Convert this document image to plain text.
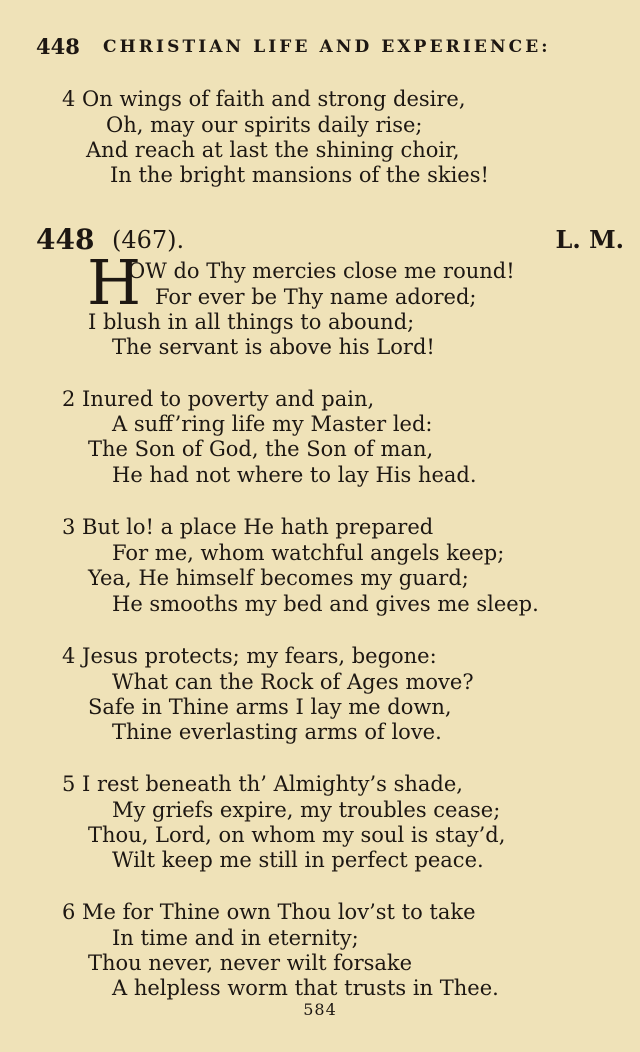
448 CHRISTIAN LIFE AND EXPERIENCE:
4 On wings of faith and strong desire,
Oh, may our spirits daily rise;
And reach at last the shining choir,
In the bright mansions of the skies!
448 (467).	L. M.
H
OW do Thy mercies close me round!
For ever be Thy name adored;
I blush in all things to abound;
The servant is above his Lord!
2 Inured to poverty and pain,
A suff’ring life my Master led:
The Son of God, the Son of man,
He had not where to lay His head.
3 But lo! a place He hath prepared
For me, whom watchful angels keep;
Yea, He himself becomes my guard;
He smooths my bed and gives me sleep.
4 Jesus protects; my fears, begone:
What can the Rock of Ages move?
Safe in Thine arms I lay me down,
Thine everlasting arms of love.
5 I rest beneath th’ Almighty’s shade,
My griefs expire, my troubles cease;
Thou, Lord, on whom my soul is stay’d,
Wilt keep me still in perfect peace.
6 Me for Thine own Thou lov’st to take
In time and in eternity;
Thou never, never wilt forsake
A helpless worm that trusts in Thee.
584
